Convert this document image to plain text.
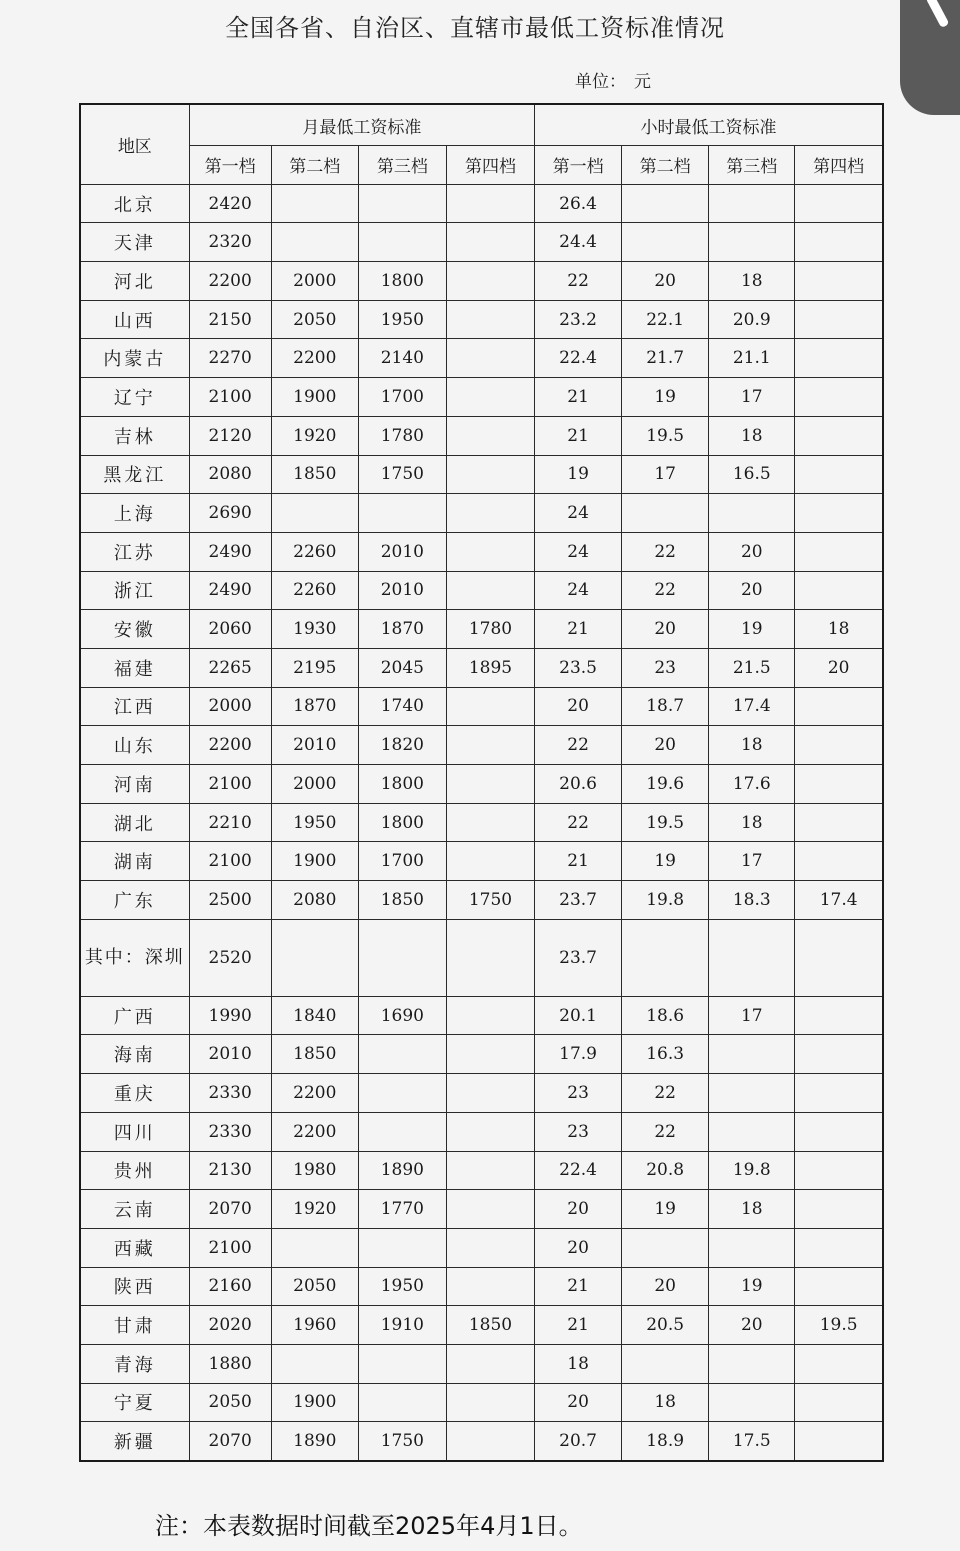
全国各省、自治区、直辖市最低工资标准情况
单位： 元
地区	月最低工资标准				小时最低工资标准			
	第一档	第二档	第三档	第四档	第一档	第二档	第三档	第四档
北京	2420				26.4			
天津	2320				24.4			
河北	2200	2000	1800		22	20	18	
山西	2150	2050	1950		23.2	22.1	20.9	
内蒙古	2270	2200	2140		22.4	21.7	21.1	
辽宁	2100	1900	1700		21	19	17	
吉林	2120	1920	1780		21	19.5	18	
黑龙江	2080	1850	1750		19	17	16.5	
上海	2690				24			
江苏	2490	2260	2010		24	22	20	
浙江	2490	2260	2010		24	22	20	
安徽	2060	1930	1870	1780	21	20	19	18
福建	2265	2195	2045	1895	23.5	23	21.5	20
江西	2000	1870	1740		20	18.7	17.4	
山东	2200	2010	1820		22	20	18	
河南	2100	2000	1800		20.6	19.6	17.6	
湖北	2210	1950	1800		22	19.5	18	
湖南	2100	1900	1700		21	19	17	
广东	2500	2080	1850	1750	23.7	19.8	18.3	17.4
其中：深圳	2520				23.7			
广西	1990	1840	1690		20.1	18.6	17	
海南	2010	1850			17.9	16.3		
重庆	2330	2200			23	22		
四川	2330	2200			23	22		
贵州	2130	1980	1890		22.4	20.8	19.8	
云南	2070	1920	1770		20	19	18	
西藏	2100				20			
陕西	2160	2050	1950		21	20	19	
甘肃	2020	1960	1910	1850	21	20.5	20	19.5
青海	1880				18			
宁夏	2050	1900			20	18		
新疆	2070	1890	1750		20.7	18.9	17.5	
注：本表数据时间截至2025年4月1日。
